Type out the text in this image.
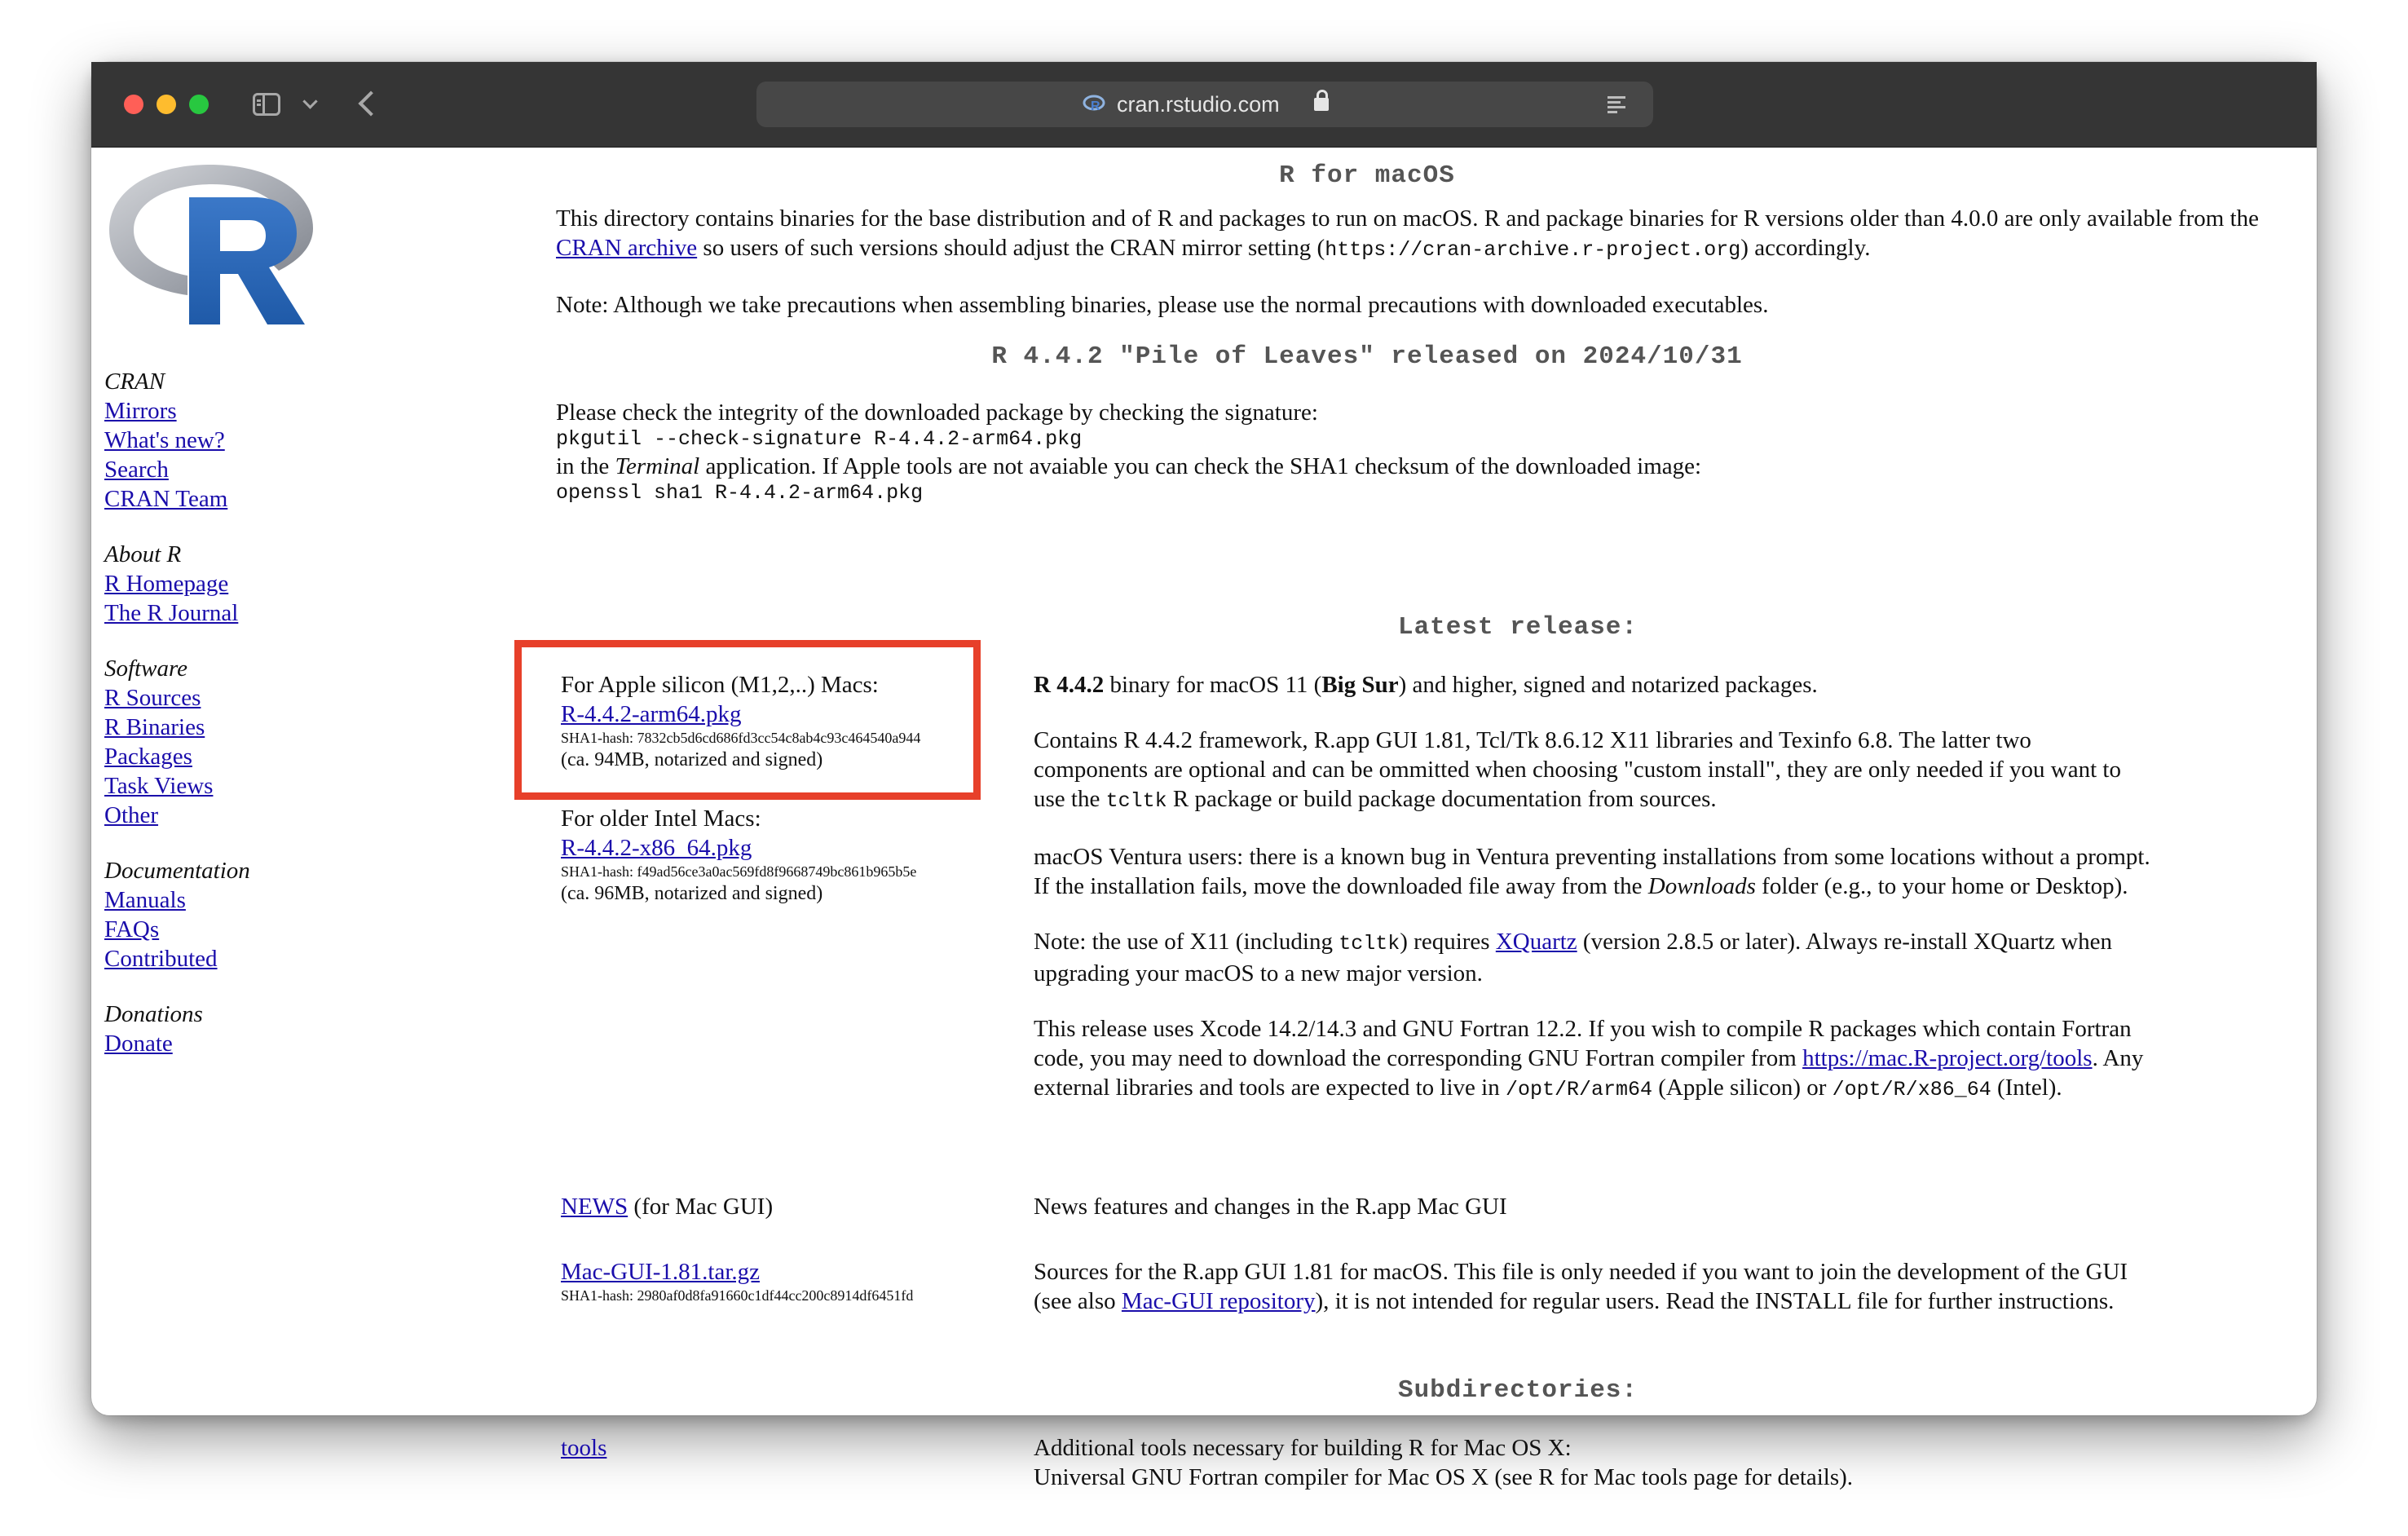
R cran.rstudio.com
CRAN
Mirrors
What's new?
Search
CRAN Team
About R
R Homepage
The R Journal
Software
R Sources
R Binaries
Packages
Task Views
Other
Documentation
Manuals
FAQs
Contributed
Donations
Donate
R for macOS
This directory contains binaries for the base distribution and of R and packages to run on macOS. R and package binaries for R versions older than 4.0.0 are only available from the CRAN archive so users of such versions should adjust the CRAN mirror setting (https://cran-archive.r-project.org) accordingly.
Note: Although we take precautions when assembling binaries, please use the normal precautions with downloaded executables.
R 4.4.2 "Pile of Leaves" released on 2024/10/31
Please check the integrity of the downloaded package by checking the signature:
pkgutil --check-signature R-4.4.2-arm64.pkg
in the Terminal application. If Apple tools are not avaiable you can check the SHA1 checksum of the downloaded image:
openssl sha1 R-4.4.2-arm64.pkg
Latest release:
For Apple silicon (M1,2,..) Macs:
R-4.4.2-arm64.pkg
SHA1-hash: 7832cb5d6cd686fd3cc54c8ab4c93c464540a944
(ca. 94MB, notarized and signed)
For older Intel Macs:
R-4.4.2-x86_64.pkg
SHA1-hash: f49ad56ce3a0ac569fd8f9668749bc861b965b5e
(ca. 96MB, notarized and signed)
R 4.4.2 binary for macOS 11 (Big Sur) and higher, signed and notarized packages.
Contains R 4.4.2 framework, R.app GUI 1.81, Tcl/Tk 8.6.12 X11 libraries and Texinfo 6.8. The latter two components are optional and can be ommitted when choosing "custom install", they are only needed if you want to use the tcltk R package or build package documentation from sources.
macOS Ventura users: there is a known bug in Ventura preventing installations from some locations without a prompt. If the installation fails, move the downloaded file away from the Downloads folder (e.g., to your home or Desktop).
Note: the use of X11 (including tcltk) requires XQuartz (version 2.8.5 or later). Always re-install XQuartz when upgrading your macOS to a new major version.
This release uses Xcode 14.2/14.3 and GNU Fortran 12.2. If you wish to compile R packages which contain Fortran code, you may need to download the corresponding GNU Fortran compiler from https://mac.R-project.org/tools. Any external libraries and tools are expected to live in /opt/R/arm64 (Apple silicon) or /opt/R/x86_64 (Intel).
NEWS (for Mac GUI)	News features and changes in the R.app Mac GUI
Mac-GUI-1.81.tar.gz
SHA1-hash: 2980af0d8fa91660c1df44cc200c8914df6451fd
Sources for the R.app GUI 1.81 for macOS. This file is only needed if you want to join the development of the GUI (see also Mac-GUI repository), it is not intended for regular users. Read the INSTALL file for further instructions.
Subdirectories:
tools	Additional tools necessary for building R for Mac OS X:
Universal GNU Fortran compiler for Mac OS X (see R for Mac tools page for details).
